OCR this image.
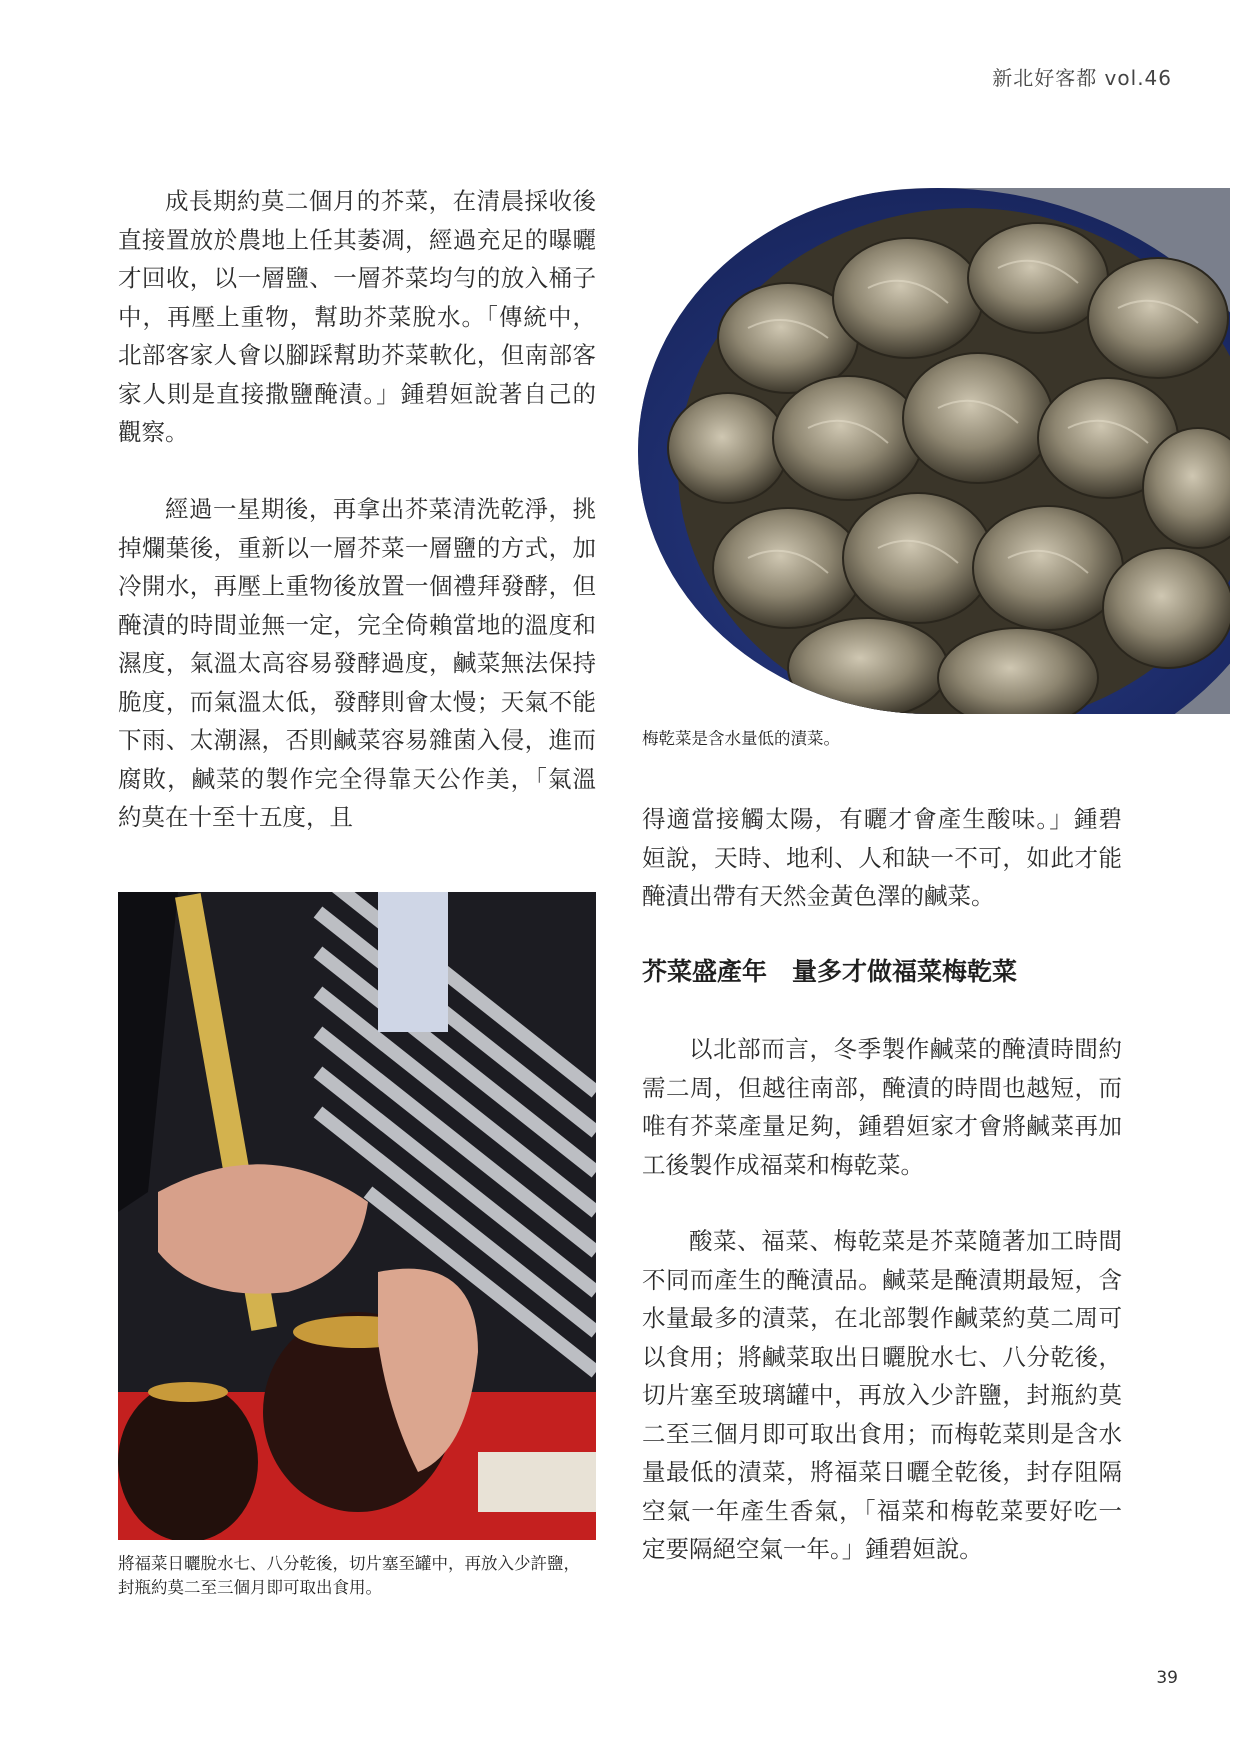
新北好客都 vol.46

成長期約莫二個月的芥菜，在清晨採收後直接置放於農地上任其萎凋，經過充足的曝曬才回收，以一層鹽、一層芥菜均勻的放入桶子中，再壓上重物，幫助芥菜脫水。「傳統中，北部客家人會以腳踩幫助芥菜軟化，但南部客家人則是直接撒鹽醃漬。」鍾碧姮說著自己的觀察。

經過一星期後，再拿出芥菜清洗乾淨，挑掉爛葉後，重新以一層芥菜一層鹽的方式，加冷開水，再壓上重物後放置一個禮拜發酵，但醃漬的時間並無一定，完全倚賴當地的溫度和濕度，氣溫太高容易發酵過度，鹹菜無法保持脆度，而氣溫太低，發酵則會太慢；天氣不能下雨、太潮濕，否則鹹菜容易雜菌入侵，進而腐敗，鹹菜的製作完全得靠天公作美，「氣溫約莫在十至十五度，且

梅乾菜是含水量低的漬菜。

得適當接觸太陽，有曬才會產生酸味。」鍾碧姮說，天時、地利、人和缺一不可，如此才能醃漬出帶有天然金黃色澤的鹹菜。

芥菜盛產年　量多才做福菜梅乾菜

以北部而言，冬季製作鹹菜的醃漬時間約需二周，但越往南部，醃漬的時間也越短，而唯有芥菜產量足夠，鍾碧姮家才會將鹹菜再加工後製作成福菜和梅乾菜。

酸菜、福菜、梅乾菜是芥菜隨著加工時間不同而產生的醃漬品。鹹菜是醃漬期最短，含水量最多的漬菜，在北部製作鹹菜約莫二周可以食用；將鹹菜取出日曬脫水七、八分乾後，切片塞至玻璃罐中，再放入少許鹽，封瓶約莫二至三個月即可取出食用；而梅乾菜則是含水量最低的漬菜，將福菜日曬全乾後，封存阻隔空氣一年產生香氣，「福菜和梅乾菜要好吃一定要隔絕空氣一年。」鍾碧姮說。

將福菜日曬脫水七、八分乾後，切片塞至罐中，再放入少許鹽，封瓶約莫二至三個月即可取出食用。
39
